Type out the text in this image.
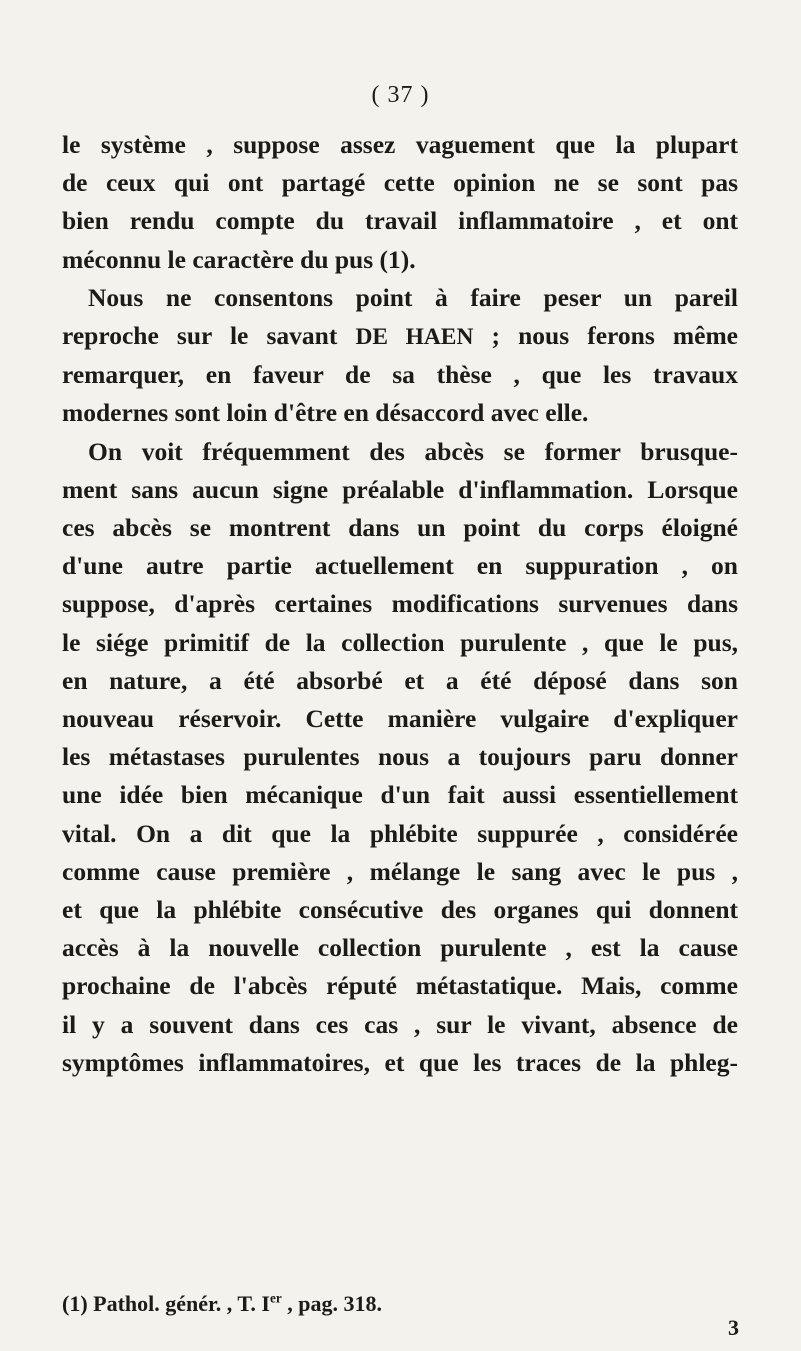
( 37 )
le système , suppose assez vaguement que la plupart
de ceux qui ont partagé cette opinion ne se sont pas
bien rendu compte du travail inflammatoire , et ont
méconnu le caractère du pus (1).
Nous ne consentons point à faire peser un pareil
reproche sur le savant DE HAEN ; nous ferons même
remarquer, en faveur de sa thèse , que les travaux
modernes sont loin d'être en désaccord avec elle.
On voit fréquemment des abcès se former brusque-
ment sans aucun signe préalable d'inflammation. Lorsque
ces abcès se montrent dans un point du corps éloigné
d'une autre partie actuellement en suppuration , on
suppose, d'après certaines modifications survenues dans
le siége primitif de la collection purulente , que le pus,
en nature, a été absorbé et a été déposé dans son
nouveau réservoir. Cette manière vulgaire d'expliquer
les métastases purulentes nous a toujours paru donner
une idée bien mécanique d'un fait aussi essentiellement
vital. On a dit que la phlébite suppurée , considérée
comme cause première , mélange le sang avec le pus ,
et que la phlébite consécutive des organes qui donnent
accès à la nouvelle collection purulente , est la cause
prochaine de l'abcès réputé métastatique. Mais, comme
il y a souvent dans ces cas , sur le vivant, absence de
symptômes inflammatoires, et que les traces de la phleg-
(1) Pathol. génér. , T. Ier , pag. 318.
3
